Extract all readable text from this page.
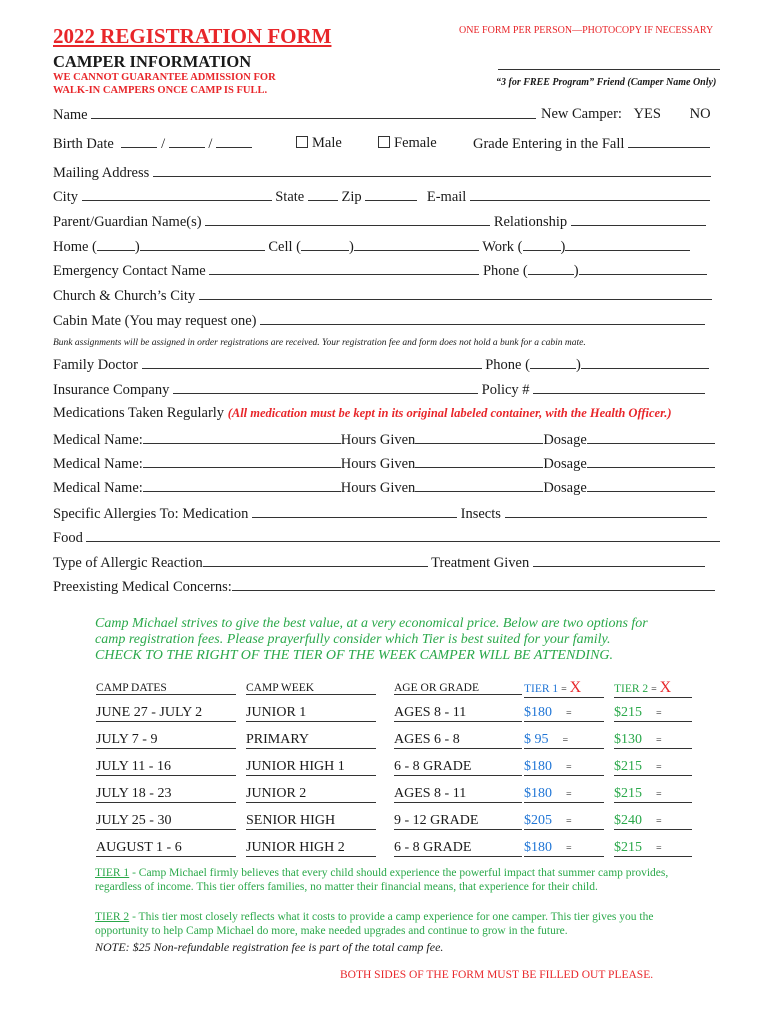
2022 REGISTRATION FORM	ONE FORM PER PERSON—PHOTOCOPY IF NECESSARY
CAMPER INFORMATION
WE CANNOT GUARANTEE ADMISSION FOR
WALK-IN CAMPERS ONCE CAMP IS FULL.
“3 for FREE Program” Friend (Camper Name Only)
Name	New Camper: YES NO
Birth Date	/	/	Male	Female	Grade Entering in the Fall
Mailing Address
City	State	Zip	E-mail
Parent/Guardian Name(s)	Relationship
Home (	)	Cell (	)	Work (	)
Emergency Contact Name	Phone (	)
Church & Church’s City
Cabin Mate (You may request one)
Bunk assignments will be assigned in order registrations are received. Your registration fee and form does not hold a bunk for a cabin mate.
Family Doctor	Phone (	)
Insurance Company	Policy #
Medications Taken Regularly (All medication must be kept in its original labeled container, with the Health Officer.)
Medical Name:	Hours Given	Dosage
Medical Name:	Hours Given	Dosage
Medical Name:	Hours Given	Dosage
Specific Allergies To: Medication	Insects
Food
Type of Allergic Reaction	Treatment Given
Preexisting Medical Concerns:
Camp Michael strives to give the best value, at a very economical price. Below are two options for
camp registration fees. Please prayerfully consider which Tier is best suited for your family.
CHECK TO THE RIGHT OF THE TIER OF THE WEEK CAMPER WILL BE ATTENDING.
CAMP DATES	CAMP WEEK	AGE OR GRADE	TIER 1 = X	TIER 2 = X
JUNE 27 - JULY 2	JUNIOR 1	AGES 8 - 11	$180 =	$215 =
JULY 7 - 9	PRIMARY	AGES 6 - 8	$ 95 =	$130 =
JULY 11 - 16	JUNIOR HIGH 1	6 - 8 GRADE	$180 =	$215 =
JULY 18 - 23	JUNIOR 2	AGES 8 - 11	$180 =	$215 =
JULY 25 - 30	SENIOR HIGH	9 - 12 GRADE	$205 =	$240 =
AUGUST 1 - 6	JUNIOR HIGH 2	6 - 8 GRADE	$180 =	$215 =
TIER 1 - Camp Michael firmly believes that every child should experience the powerful impact that summer camp provides, regardless of income. This tier offers families, no matter their financial means, that experience for their child.
TIER 2 - This tier most closely reflects what it costs to provide a camp experience for one camper. This tier gives you the opportunity to help Camp Michael do more, make needed upgrades and continue to grow in the future.
NOTE: $25 Non-refundable registration fee is part of the total camp fee.
BOTH SIDES OF THE FORM MUST BE FILLED OUT PLEASE.
